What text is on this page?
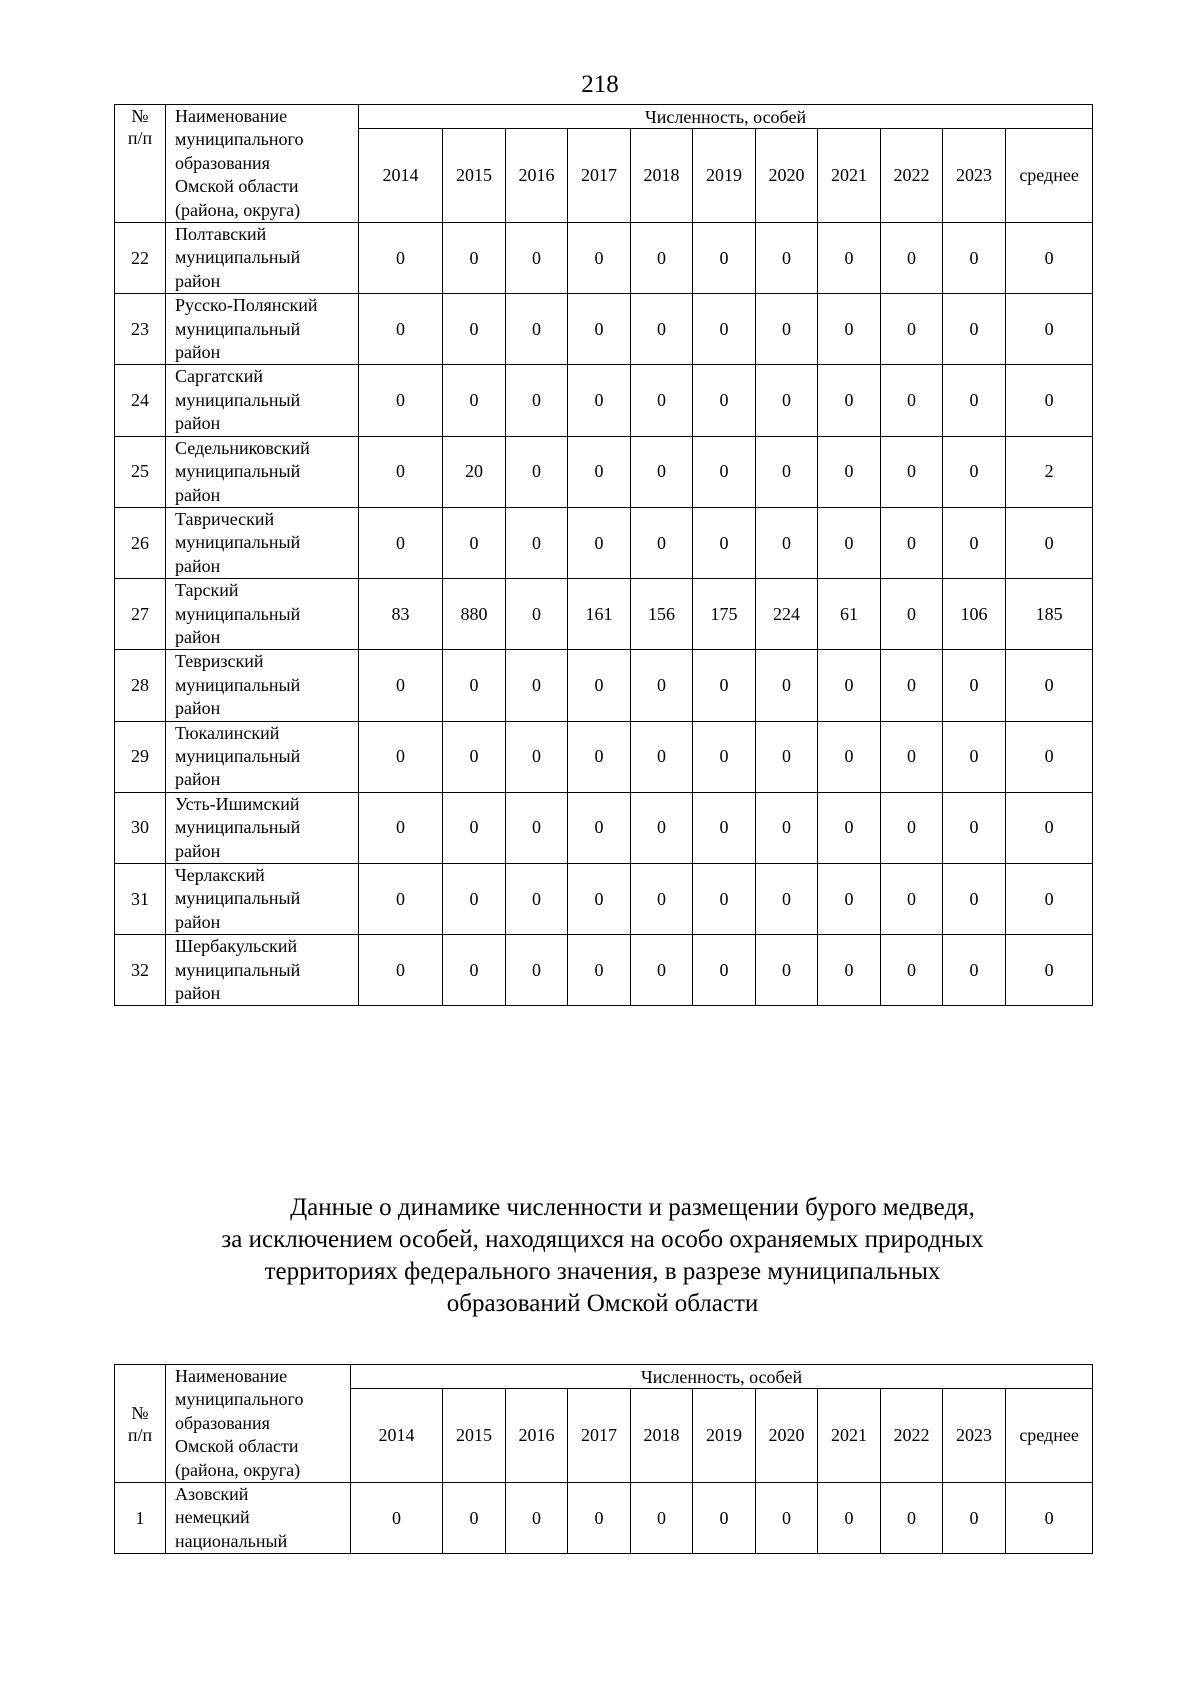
218
№
п/п	Наименование
муниципального
образования
Омской области
(района, округа)	Численность, особей										
		2014	2015	2016	2017	2018	2019	2020	2021	2022	2023	среднее
22	Полтавский
муниципальный
район	0	0	0	0	0	0	0	0	0	0	0
23	Русско-Полянский
муниципальный
район	0	0	0	0	0	0	0	0	0	0	0
24	Саргатский
муниципальный
район	0	0	0	0	0	0	0	0	0	0	0
25	Седельниковский
муниципальный
район	0	20	0	0	0	0	0	0	0	0	2
26	Таврический
муниципальный
район	0	0	0	0	0	0	0	0	0	0	0
27	Тарский
муниципальный
район	83	880	0	161	156	175	224	61	0	106	185
28	Тевризский
муниципальный
район	0	0	0	0	0	0	0	0	0	0	0
29	Тюкалинский
муниципальный
район	0	0	0	0	0	0	0	0	0	0	0
30	Усть-Ишимский
муниципальный
район	0	0	0	0	0	0	0	0	0	0	0
31	Черлакский
муниципальный
район	0	0	0	0	0	0	0	0	0	0	0
32	Шербакульский
муниципальный
район	0	0	0	0	0	0	0	0	0	0	0
Данные о динамике численности и размещении бурого медведя,
за исключением особей, находящихся на особо охраняемых природных
территориях федерального значения, в разрезе муниципальных
образований Омской области
№
п/п	Наименование
муниципального
образования
Омской области
(района, округа)	Численность, особей										
		2014	2015	2016	2017	2018	2019	2020	2021	2022	2023	среднее
1	Азовский
немецкий
национальный	0	0	0	0	0	0	0	0	0	0	0
